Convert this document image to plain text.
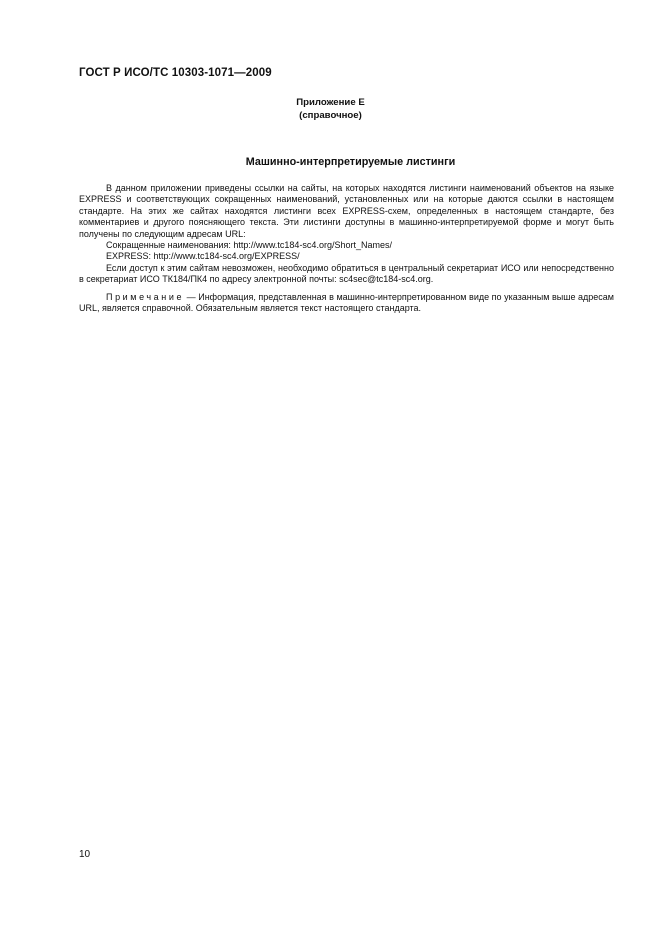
ГОСТ Р ИСО/ТС 10303-1071—2009
Приложение Е
(справочное)
Машинно-интерпретируемые листинги

В данном приложении приведены ссылки на сайты, на которых находятся листинги наименований объектов на языке EXPRESS и соответствующих сокращенных наименований, установленных или на которые даются ссылки в настоящем стандарте. На этих же сайтах находятся листинги всех EXPRESS-схем, определенных в настоящем стандарте, без комментариев и другого поясняющего текста. Эти листинги доступны в машинно-интерпретируемой форме и могут быть получены по следующим адресам URL:

Сокращенные наименования: http://www.tc184-sc4.org/Short_Names/

EXPRESS: http://www.tc184-sc4.org/EXPRESS/

Если доступ к этим сайтам невозможен, необходимо обратиться в центральный секретариат ИСО или непосредственно в секретариат ИСО ТК184/ПК4 по адресу электронной почты: sc4sec@tc184-sc4.org.

Примечание — Информация, представленная в машинно-интерпретированном виде по указанным выше адресам URL, является справочной. Обязательным является текст настоящего стандарта.

10
